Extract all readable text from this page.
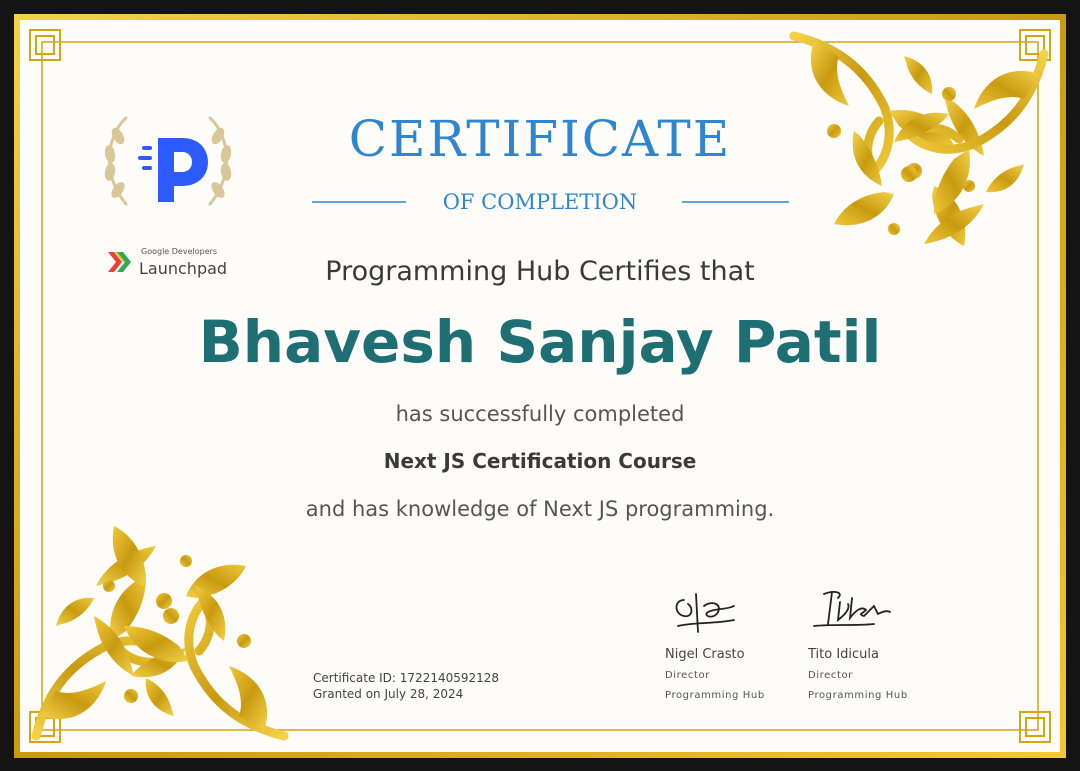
Google Developers
Launchpad
CERTIFICATE
OF COMPLETION
Programming Hub Certifies that
Bhavesh Sanjay Patil
has successfully completed
Next JS Certification Course
and has knowledge of Next JS programming.
Certificate ID: 1722140592128
Granted on July 28, 2024
Nigel Crasto
Director
Programming Hub
Tito Idicula
Director
Programming Hub
